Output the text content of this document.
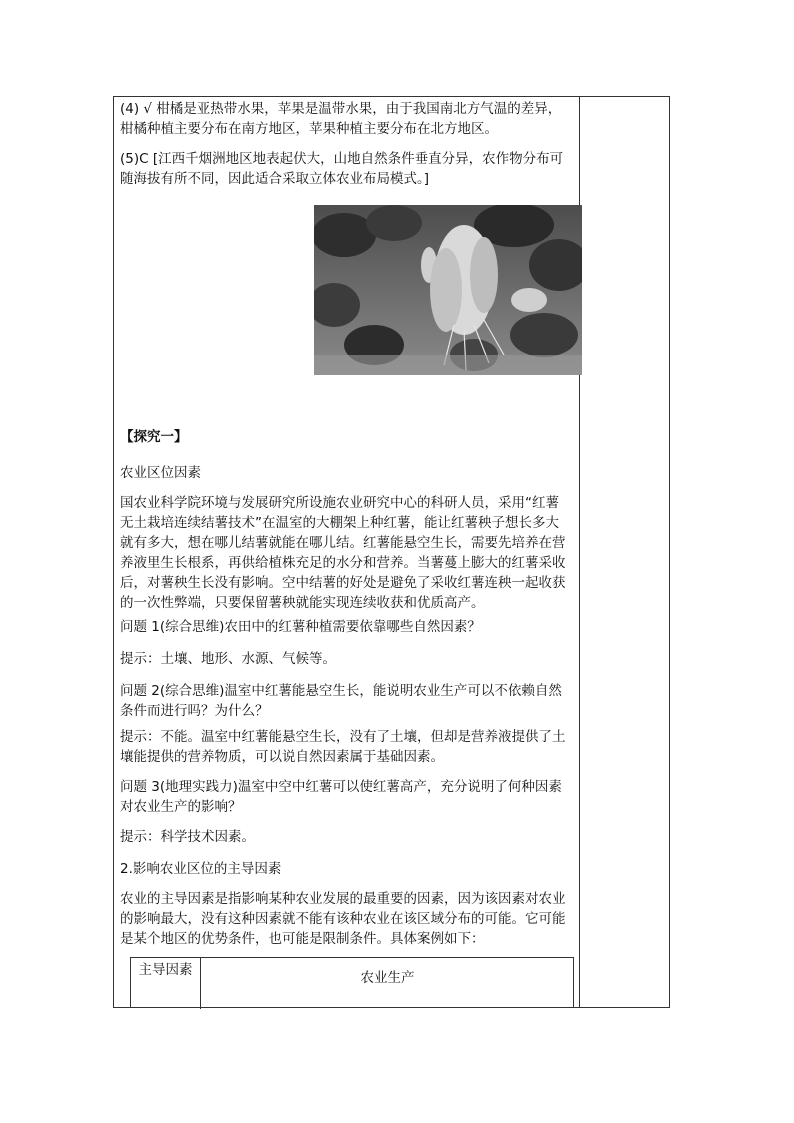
(4) √ 柑橘是亚热带水果，苹果是温带水果，由于我国南北方气温的差异，柑橘种植主要分布在南方地区，苹果种植主要分布在北方地区。

(5)C [江西千烟洲地区地表起伏大，山地自然条件垂直分异，农作物分布可随海拔有所不同，因此适合采取立体农业布局模式。]

【探究一】

农业区位因素

国农业科学院环境与发展研究所设施农业研究中心的科研人员，采用“红薯无土栽培连续结薯技术”在温室的大棚架上种红薯，能让红薯秧子想长多大就有多大，想在哪儿结薯就能在哪儿结。红薯能悬空生长，需要先培养在营养液里生长根系，再供给植株充足的水分和营养。当薯蔓上膨大的红薯采收后，对薯秧生长没有影响。空中结薯的好处是避免了采收红薯连秧一起收获的一次性弊端，只要保留薯秧就能实现连续收获和优质高产。

问题 1(综合思维)农田中的红薯种植需要依靠哪些自然因素？

提示：土壤、地形、水源、气候等。

问题 2(综合思维)温室中红薯能悬空生长，能说明农业生产可以不依赖自然条件而进行吗？为什么？

提示：不能。温室中红薯能悬空生长，没有了土壤，但却是营养液提供了土壤能提供的营养物质，可以说自然因素属于基础因素。

问题 3(地理实践力)温室中空中红薯可以使红薯高产，充分说明了何种因素对农业生产的影响？

提示：科学技术因素。

2.影响农业区位的主导因素

农业的主导因素是指影响某种农业发展的最重要的因素，因为该因素对农业的影响最大，没有这种因素就不能有该种农业在该区域分布的可能。它可能是某个地区的优势条件，也可能是限制条件。具体案例如下：

主导因素	农业生产
